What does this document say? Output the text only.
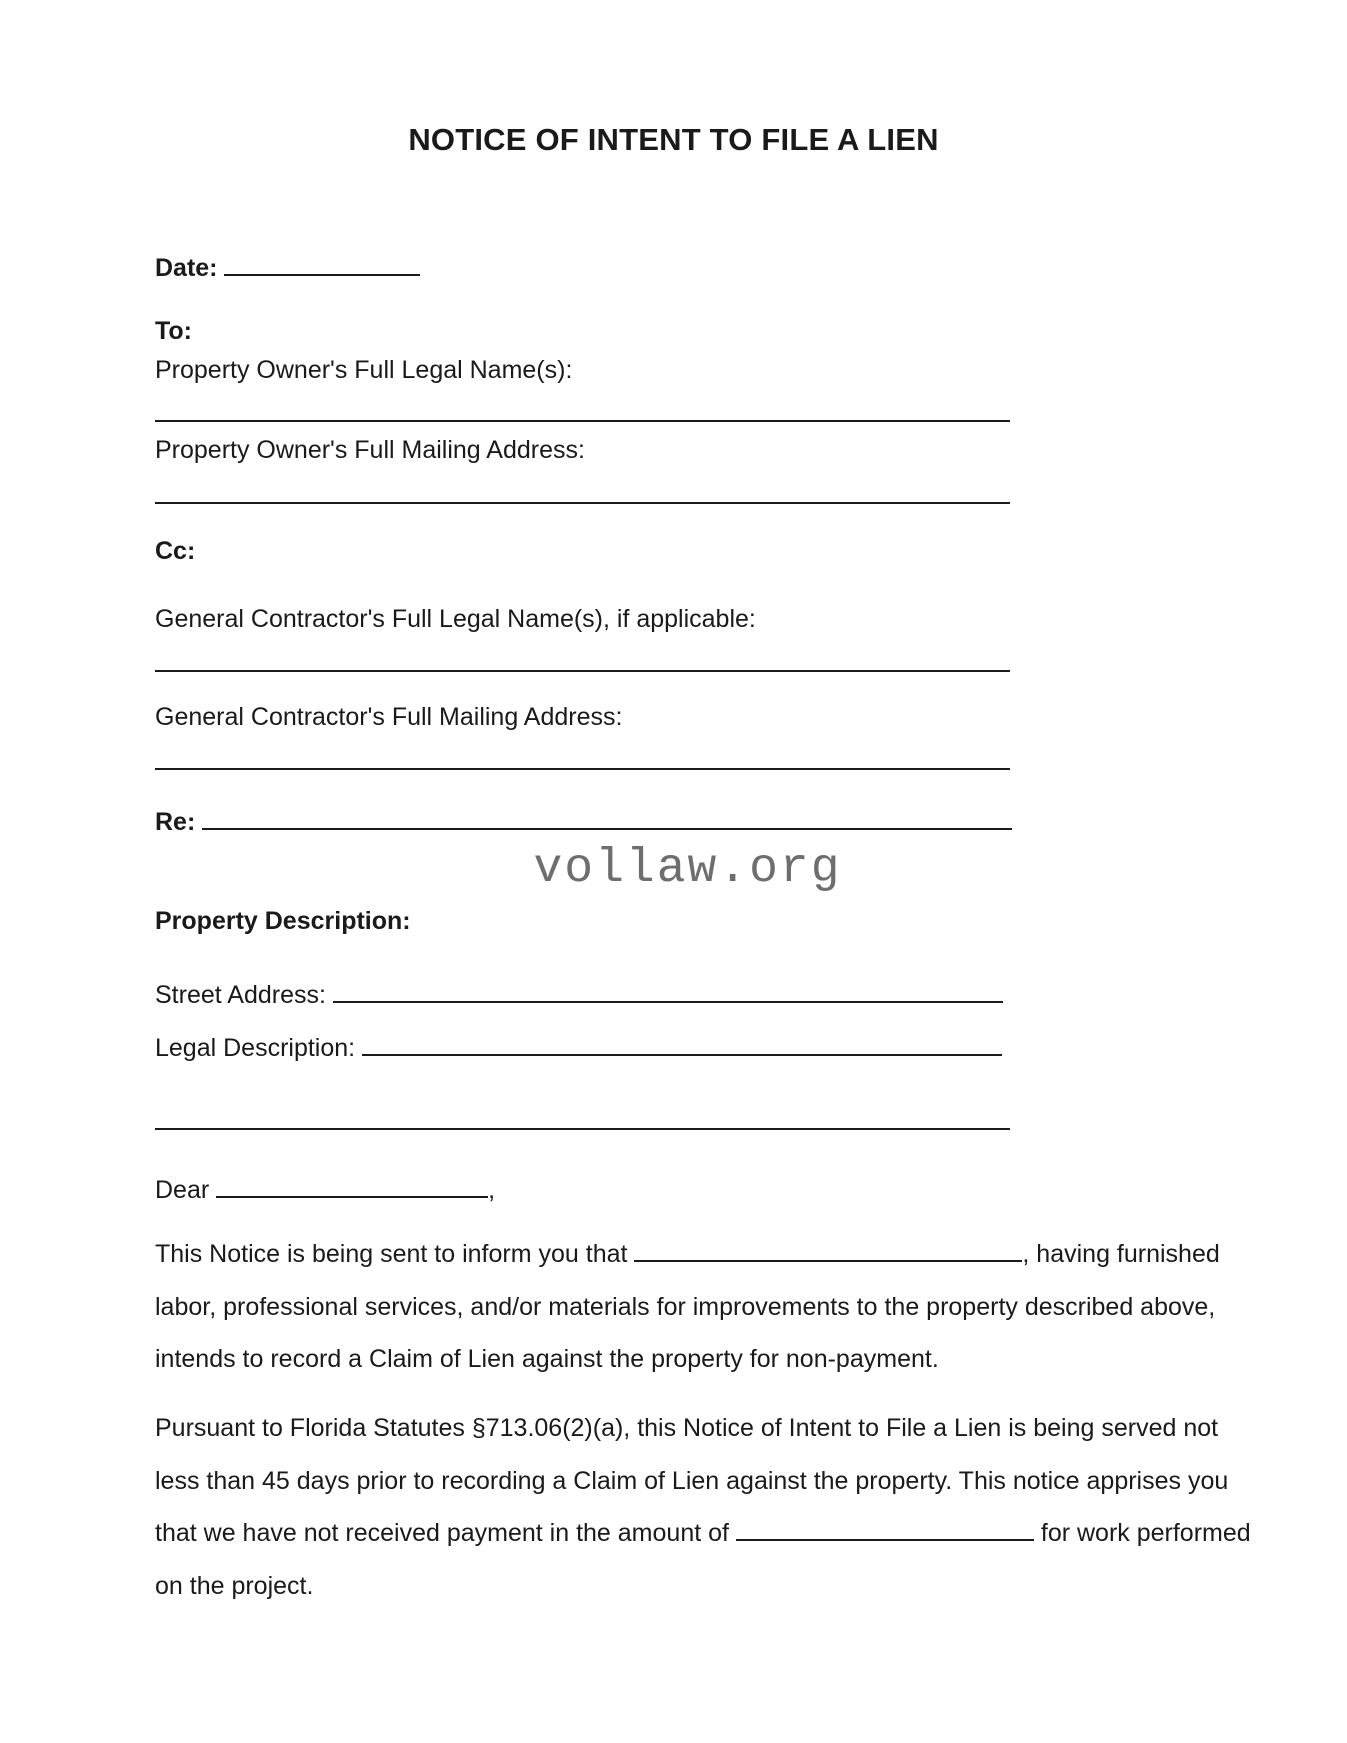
NOTICE OF INTENT TO FILE A LIEN
Date:
To:
Property Owner's Full Legal Name(s):
Property Owner's Full Mailing Address:
Cc:
General Contractor's Full Legal Name(s), if applicable:
General Contractor's Full Mailing Address:
Re:
vollaw.org
Property Description:
Street Address:
Legal Description:
Dear	,
This Notice is being sent to inform you that	, having furnished labor, professional services, and/or materials for improvements to the property described above, intends to record a Claim of Lien against the property for non-payment.
Pursuant to Florida Statutes §713.06(2)(a), this Notice of Intent to File a Lien is being served not less than 45 days prior to recording a Claim of Lien against the property. This notice apprises you that we have not received payment in the amount of	for work performed on the project.
